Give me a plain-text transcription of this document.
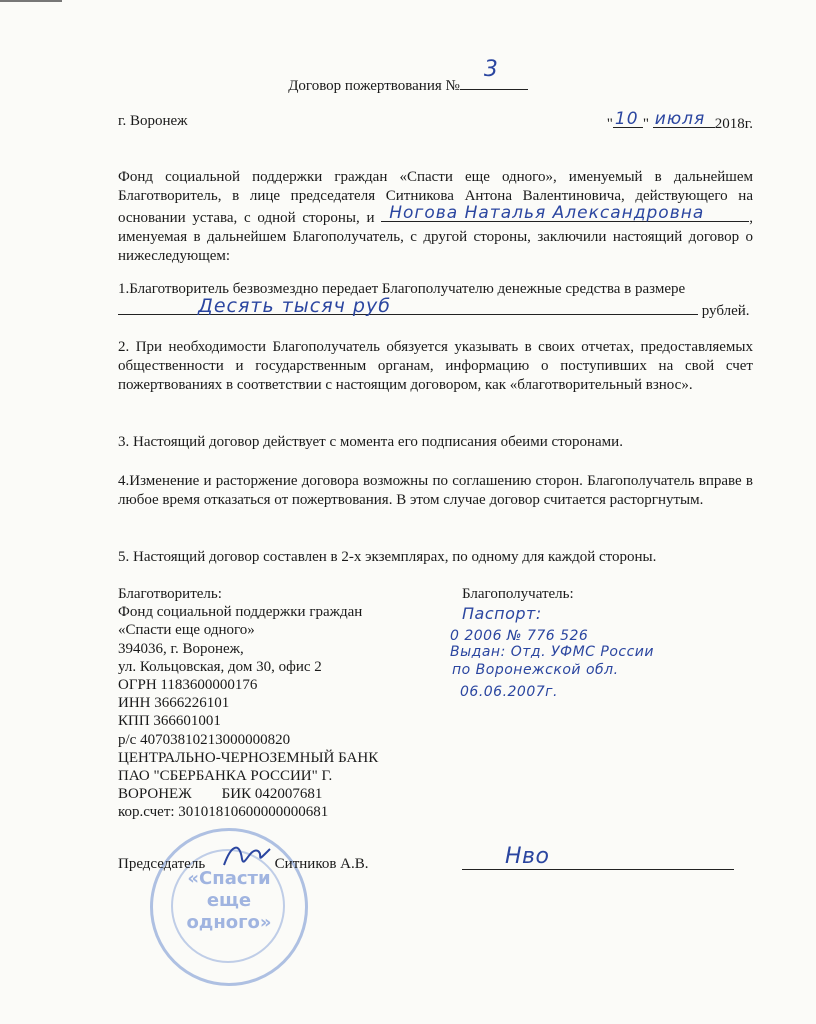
Договор пожертвования №
3
г. Воронеж	" 10 " июля 2018г.
Фонд социальной поддержки граждан «Спасти еще одного», именуемый в дальнейшем Благотворитель, в лице председателя Ситникова Антона Валентиновича, действующего на основании устава, с одной стороны, и Ногова Наталья Александровна	, именуемая в дальнейшем Благополучатель, с другой стороны, заключили настоящий договор о нижеследующем:
1.Благотворитель безвозмездно передает Благополучателю денежные средства в размере

Десять тысяч руб	рублей.
2. При необходимости Благополучатель обязуется указывать в своих отчетах, предоставляемых общественности и государственным органам, информацию о поступивших на свой счет пожертвованиях в соответствии с настоящим договором, как «благотворительный взнос».
3. Настоящий договор действует с момента его подписания обеими сторонами.
4.Изменение и расторжение договора возможны по соглашению сторон. Благополучатель вправе в любое время отказаться от пожертвования. В этом случае договор считается расторгнутым.
5. Настоящий договор составлен в 2-х экземплярах, по одному для каждой стороны.
Благотворитель:
Фонд социальной поддержки граждан
«Спасти еще одного»
394036, г. Воронеж,
ул. Кольцовская, дом 30, офис 2
ОГРН 1183600000176
ИНН 3666226101
КПП 366601001
р/с 40703810213000000820
ЦЕНТРАЛЬНО-ЧЕРНОЗЕМНЫЙ БАНК
ПАО "СБЕРБАНКА РОССИИ" Г.
ВОРОНЕЖ        БИК 042007681
кор.счет: 30101810600000000681
Благополучатель:
Паспорт:
0 2006 № 776 526
Выдан: Отд. УФМС России
по Воронежской обл.
06.06.2007г.
«Спасти
еще
одного»
Председатель	Ситников А.В.	Нво
